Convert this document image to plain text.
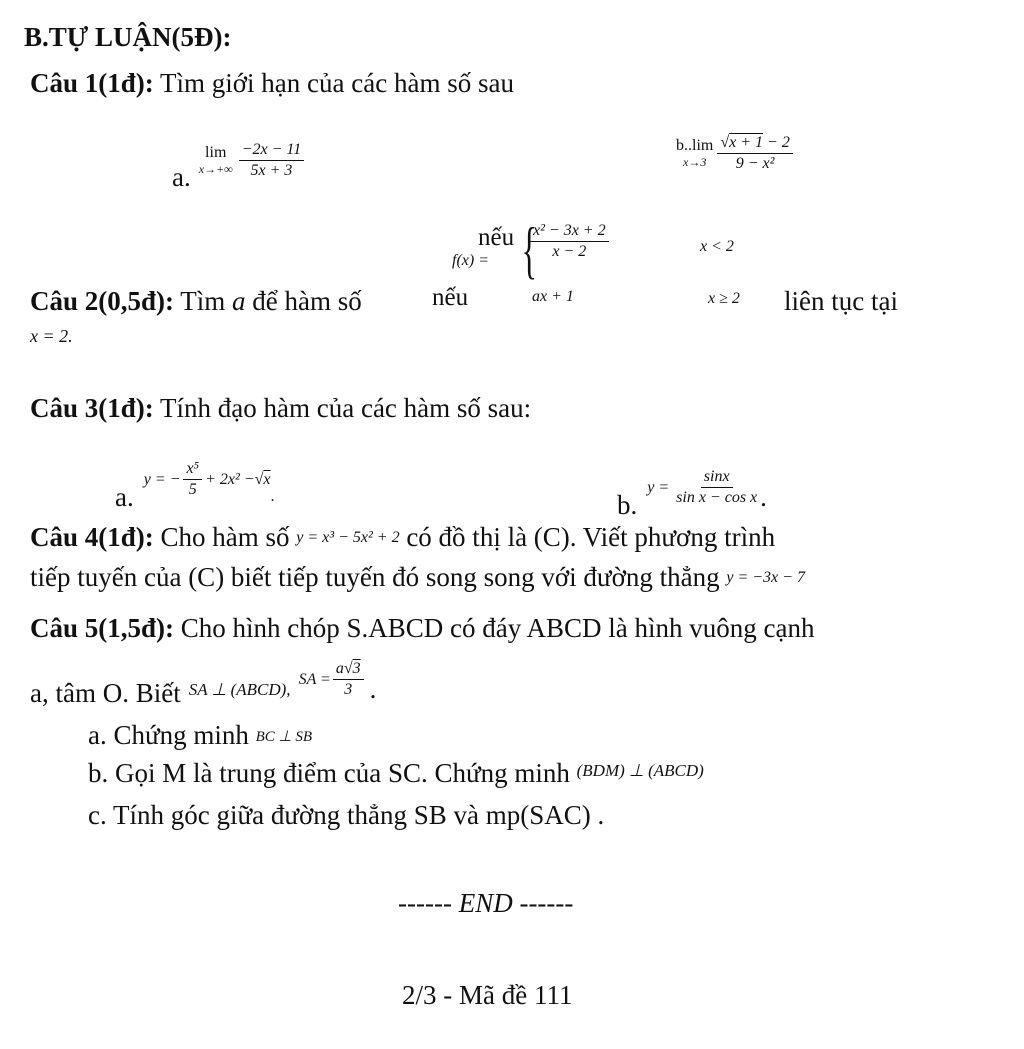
B.TỰ LUẬN(5Đ):
Câu 1(1đ): Tìm giới hạn của các hàm số sau
a.
lim
$x\to+\infty \frac{-2x - 11}{5x + 3}$	b..lim
$x\to 3 \frac{√x + 1 - 2}{\text{9 − x²}}$
Câu 2(0,5đ): Tìm a để hàm số
f(x) =
nếu
nếu
{
$\frac{\text{x² − 3x + 2}}{x - 2}$	x < 2
ax + 1	x ≥ 2 liên tục tại
x = 2.
Câu 3(1đ): Tính đạo hàm của các hàm số sau:
a.
y = − $\frac{\text{x⁵}}{5} + 2x^2 - √x$
.	b.
$y = \frac{\sin x}{\text{sin x − cos x}}$ .
Câu 4(1đ): Cho hàm số y = x³ − 5x² + 2 có đồ thị là (C). Viết phương trình
tiếp tuyến của (C) biết tiếp tuyến đó song song với đường thẳng y = −3x − 7
Câu 5(1,5đ): Cho hình chóp S.ABCD có đáy ABCD là hình vuông cạnh
a, tâm O. Biết SA ⊥ (ABCD),
SA = $\frac{a√3}{3}$ .
a. Chứng minh BC ⊥ SB
b. Gọi M là trung điểm của SC. Chứng minh $^{(BDM) \perp (ABCD)}$
c. Tính góc giữa đường thẳng SB và mp(SAC) .
------ END ------
2/3 - Mã đề 111
